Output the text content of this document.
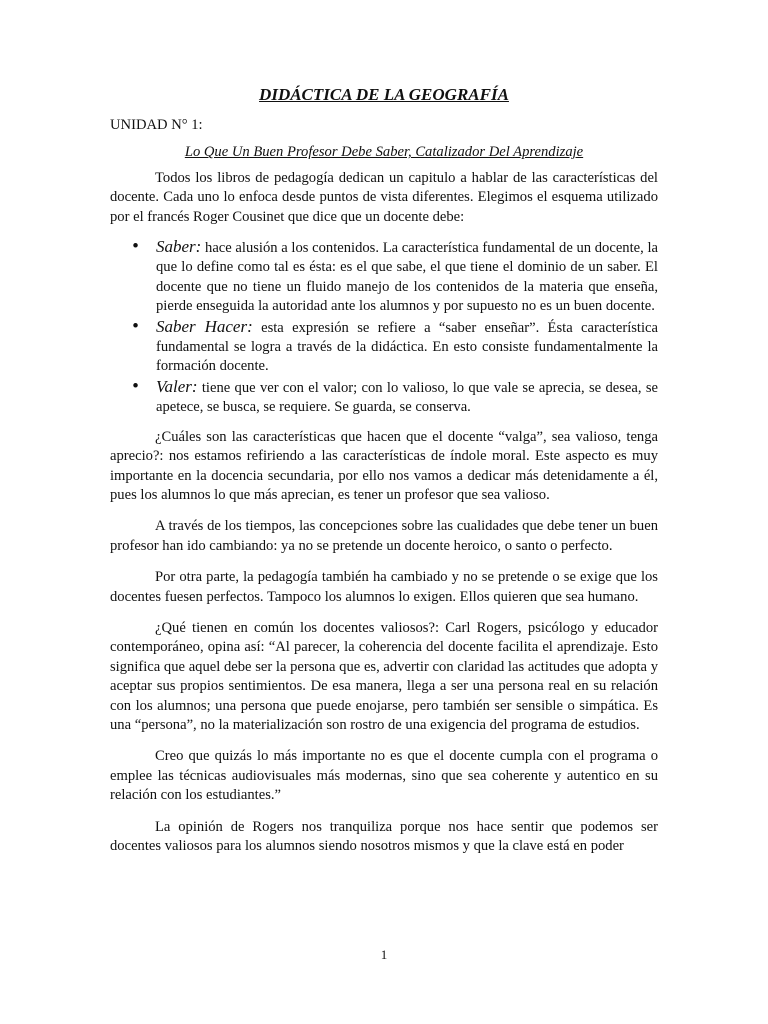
DIDÁCTICA DE LA GEOGRAFÍA
UNIDAD N° 1:
Lo Que Un Buen Profesor Debe Saber, Catalizador Del Aprendizaje

Todos los libros de pedagogía dedican un capitulo a hablar de las características del docente. Cada uno lo enfoca desde puntos de vista diferentes. Elegimos el esquema utilizado por el francés Roger Cousinet que dice que un docente debe:

• Saber: hace alusión a los contenidos. La característica fundamental de un docente, la que lo define como tal es ésta: es el que sabe, el que tiene el dominio de un saber. El docente que no tiene un fluido manejo de los contenidos de la materia que enseña, pierde enseguida la autoridad ante los alumnos y por supuesto no es un buen docente.
• Saber Hacer: esta expresión se refiere a “saber enseñar”. Ésta característica fundamental se logra a través de la didáctica. En esto consiste fundamentalmente la formación docente.
• Valer: tiene que ver con el valor; con lo valioso, lo que vale se aprecia, se desea, se apetece, se busca, se requiere. Se guarda, se conserva.

¿Cuáles son las características que hacen que el docente “valga”, sea valioso, tenga aprecio?: nos estamos refiriendo a las características de índole moral. Este aspecto es muy importante en la docencia secundaria, por ello nos vamos a dedicar más detenidamente a él, pues los alumnos lo que más aprecian, es tener un profesor que sea valioso.

A través de los tiempos, las concepciones sobre las cualidades que debe tener un buen profesor han ido cambiando: ya no se pretende un docente heroico, o santo o perfecto.

Por otra parte, la pedagogía también ha cambiado y no se pretende o se exige que los docentes fuesen perfectos. Tampoco los alumnos lo exigen. Ellos quieren que sea humano.

¿Qué tienen en común los docentes valiosos?: Carl Rogers, psicólogo y educador contemporáneo, opina así: “Al parecer, la coherencia del docente facilita el aprendizaje. Esto significa que aquel debe ser la persona que es, advertir con claridad las actitudes que adopta y aceptar sus propios sentimientos. De esa manera, llega a ser una persona real en su relación con los alumnos; una persona que puede enojarse, pero también ser sensible o simpática. Es una “persona”, no la materialización son rostro de una exigencia del programa de estudios.

Creo que quizás lo más importante no es que el docente cumpla con el programa o emplee las técnicas audiovisuales más modernas, sino que sea coherente y autentico en su relación con los estudiantes.”

La opinión de Rogers nos tranquiliza porque nos hace sentir que podemos ser docentes valiosos para los alumnos siendo nosotros mismos y que la clave está en poder

1
